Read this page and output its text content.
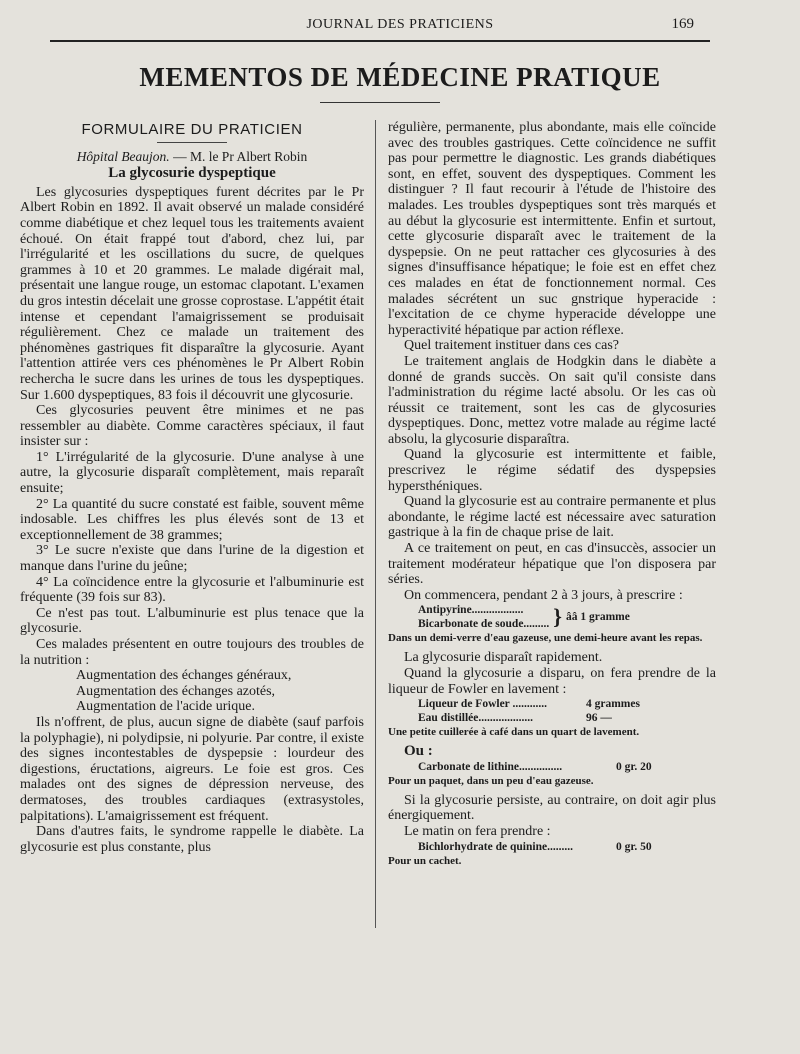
JOURNAL DES PRATICIENS	169
MEMENTOS DE MÉDECINE PRATIQUE
FORMULAIRE DU PRATICIEN
Hôpital Beaujon. — M. le Pr Albert Robin
La glycosurie dyspeptique

Les glycosuries dyspeptiques furent décrites par le Pr Albert Robin en 1892. Il avait observé un malade considéré comme diabétique et chez lequel tous les traitements avaient échoué. On était frappé tout d'abord, chez lui, par l'irrégularité et les oscillations du sucre, de quelques grammes à 10 et 20 grammes. Le malade digérait mal, présentait une langue rouge, un estomac clapotant. L'examen du gros intestin décelait une grosse coprostase. L'appétit était intense et cependant l'amaigrissement se produisait régulièrement. Chez ce malade un traitement des phénomènes gastriques fit disparaître la glycosurie. Ayant l'attention attirée vers ces phénomènes le Pr Albert Robin rechercha le sucre dans les urines de tous les dyspeptiques. Sur 1.600 dyspeptiques, 83 fois il découvrit une glycosurie.

Ces glycosuries peuvent être minimes et ne pas ressembler au diabète. Comme caractères spéciaux, il faut insister sur :

1° L'irrégularité de la glycosurie. D'une analyse à une autre, la glycosurie disparaît complètement, mais reparaît ensuite;

2° La quantité du sucre constaté est faible, souvent même indosable. Les chiffres les plus élevés sont de 13 et exceptionnellement de 38 grammes;

3° Le sucre n'existe que dans l'urine de la digestion et manque dans l'urine du jeûne;

4° La coïncidence entre la glycosurie et l'albuminurie est fréquente (39 fois sur 83).

Ce n'est pas tout. L'albuminurie est plus tenace que la glycosurie.

Ces malades présentent en outre toujours des troubles de la nutrition :

Augmentation des échanges généraux,

Augmentation des échanges azotés,

Augmentation de l'acide urique.

Ils n'offrent, de plus, aucun signe de diabète (sauf parfois la polyphagie), ni polydipsie, ni polyurie. Par contre, il existe des signes incontestables de dyspepsie : lourdeur des digestions, éructations, aigreurs. Le foie est gros. Ces malades ont des signes de dépression nerveuse, des dermatoses, des troubles cardiaques (extrasystoles, palpitations). L'amaigrissement est fréquent.

Dans d'autres faits, le syndrome rappelle le diabète. La glycosurie est plus constante, plus

régulière, permanente, plus abondante, mais elle coïncide avec des troubles gastriques. Cette coïncidence ne suffit pas pour permettre le diagnostic. Les grands diabétiques sont, en effet, souvent des dyspeptiques. Comment les distinguer ? Il faut recourir à l'étude de l'histoire des malades. Les troubles dyspeptiques sont très marqués et au début la glycosurie est intermittente. Enfin et surtout, cette glycosurie disparaît avec le traitement de la dyspepsie. On ne peut rattacher ces glycosuries à des signes d'insuffisance hépatique; le foie est en effet chez ces malades en état de fonctionnement normal. Ces malades sécrétent un suc gnstrique hyperacide : l'excitation de ce chyme hyperacide développe une hyperactivité hépatique par action réflexe.

Quel traitement instituer dans ces cas?

Le traitement anglais de Hodgkin dans le diabète a donné de grands succès. On sait qu'il consiste dans l'administration du régime lacté absolu. Or les cas où réussit ce traitement, sont les cas de glycosuries dyspeptiques. Donc, mettez votre malade au régime lacté absolu, la glycosurie disparaîtra.

Quand la glycosurie est intermittente et faible, prescrivez le régime sédatif des dyspepsies hypersthéniques.

Quand la glycosurie est au contraire permanente et plus abondante, le régime lacté est nécessaire avec saturation gastrique à la fin de chaque prise de lait.

A ce traitement on peut, en cas d'insuccès, associer un traitement modérateur hépatique que l'on disposera par séries.

On commencera, pendant 2 à 3 jours, à prescrire :

Antipyrine..................
Bicarbonate de soude......... } ââ 1 gramme
Dans un demi-verre d'eau gazeuse, une demi-heure avant les repas.

La glycosurie disparaît rapidement.

Quand la glycosurie a disparu, on fera prendre de la liqueur de Fowler en lavement :

Liqueur de Fowler ............	4 grammes
Eau distillée...................	96 —
Une petite cuillerée à café dans un quart de lavement.

Ou :

Carbonate de lithine...............	0 gr. 20
Pour un paquet, dans un peu d'eau gazeuse.

Si la glycosurie persiste, au contraire, on doit agir plus énergiquement.

Le matin on fera prendre :

Bichlorhydrate de quinine.........	0 gr. 50
Pour un cachet.
